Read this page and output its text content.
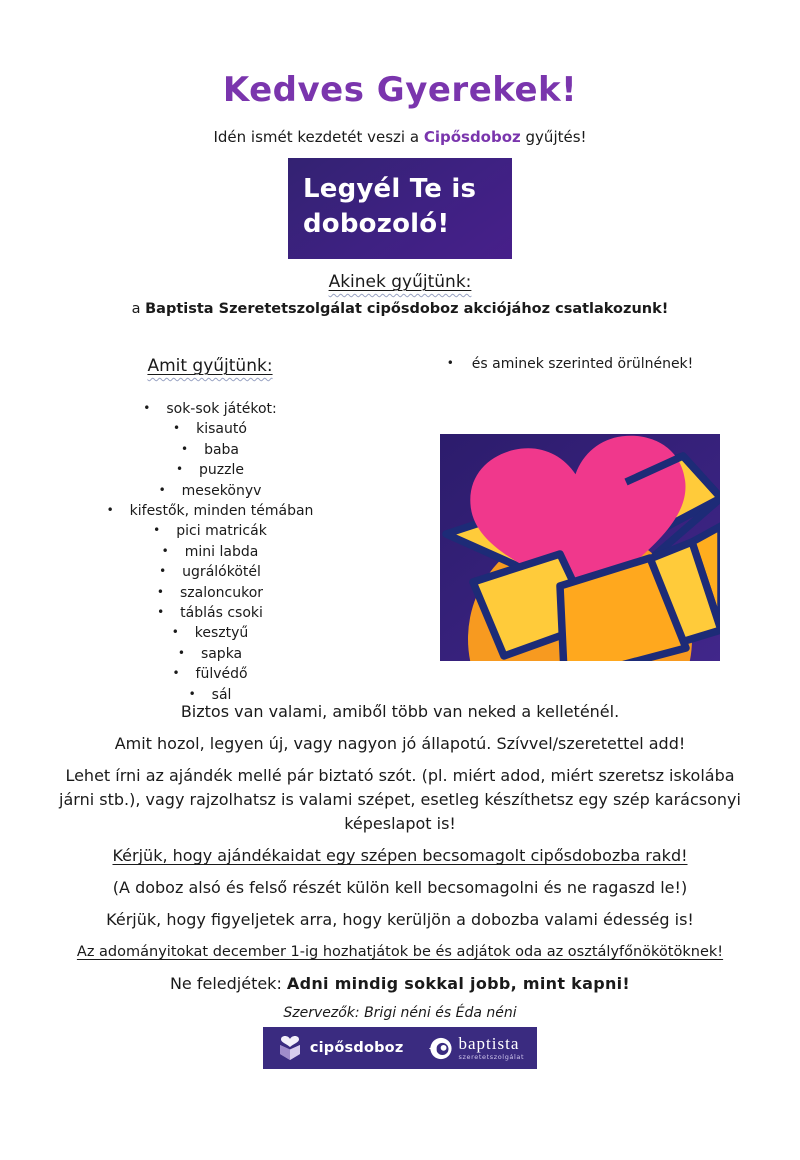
Kedves Gyerekek!
Idén ismét kezdetét veszi a Cipősdoboz gyűjtés!
Legyél Te is
dobozoló!
Akinek gyűjtünk:
a Baptista Szeretetszolgálat cipősdoboz akciójához csatlakozunk!
Amit gyűjtünk:
• sok-sok játékot:
• kisautó
• baba
• puzzle
• mesekönyv
• kifestők, minden témában
• pici matricák
• mini labda
• ugrálókötél
• szaloncukor
• táblás csoki
• kesztyű
• sapka
• fülvédő
• sál
• és aminek szerinted örülnének!

Biztos van valami, amiből több van neked a kelleténél.

Amit hozol, legyen új, vagy nagyon jó állapotú. Szívvel/szeretettel add!

Lehet írni az ajándék mellé pár biztató szót. (pl. miért adod, miért szeretsz iskolába járni stb.), vagy rajzolhatsz is valami szépet, esetleg készíthetsz egy szép karácsonyi képeslapot is!

Kérjük, hogy ajándékaidat egy szépen becsomagolt cipősdobozba rakd!

(A doboz alsó és felső részét külön kell becsomagolni és ne ragaszd le!)

Kérjük, hogy figyeljetek arra, hogy kerüljön a dobozba valami édesség is!

Az adományitokat december 1-ig hozhatjátok be és adjátok oda az osztályfőnökötöknek!

Ne feledjétek: Adni mindig sokkal jobb, mint kapni!

Szervezők: Brigi néni és Éda néni

cipősdoboz	baptista
szeretetszolgálat
